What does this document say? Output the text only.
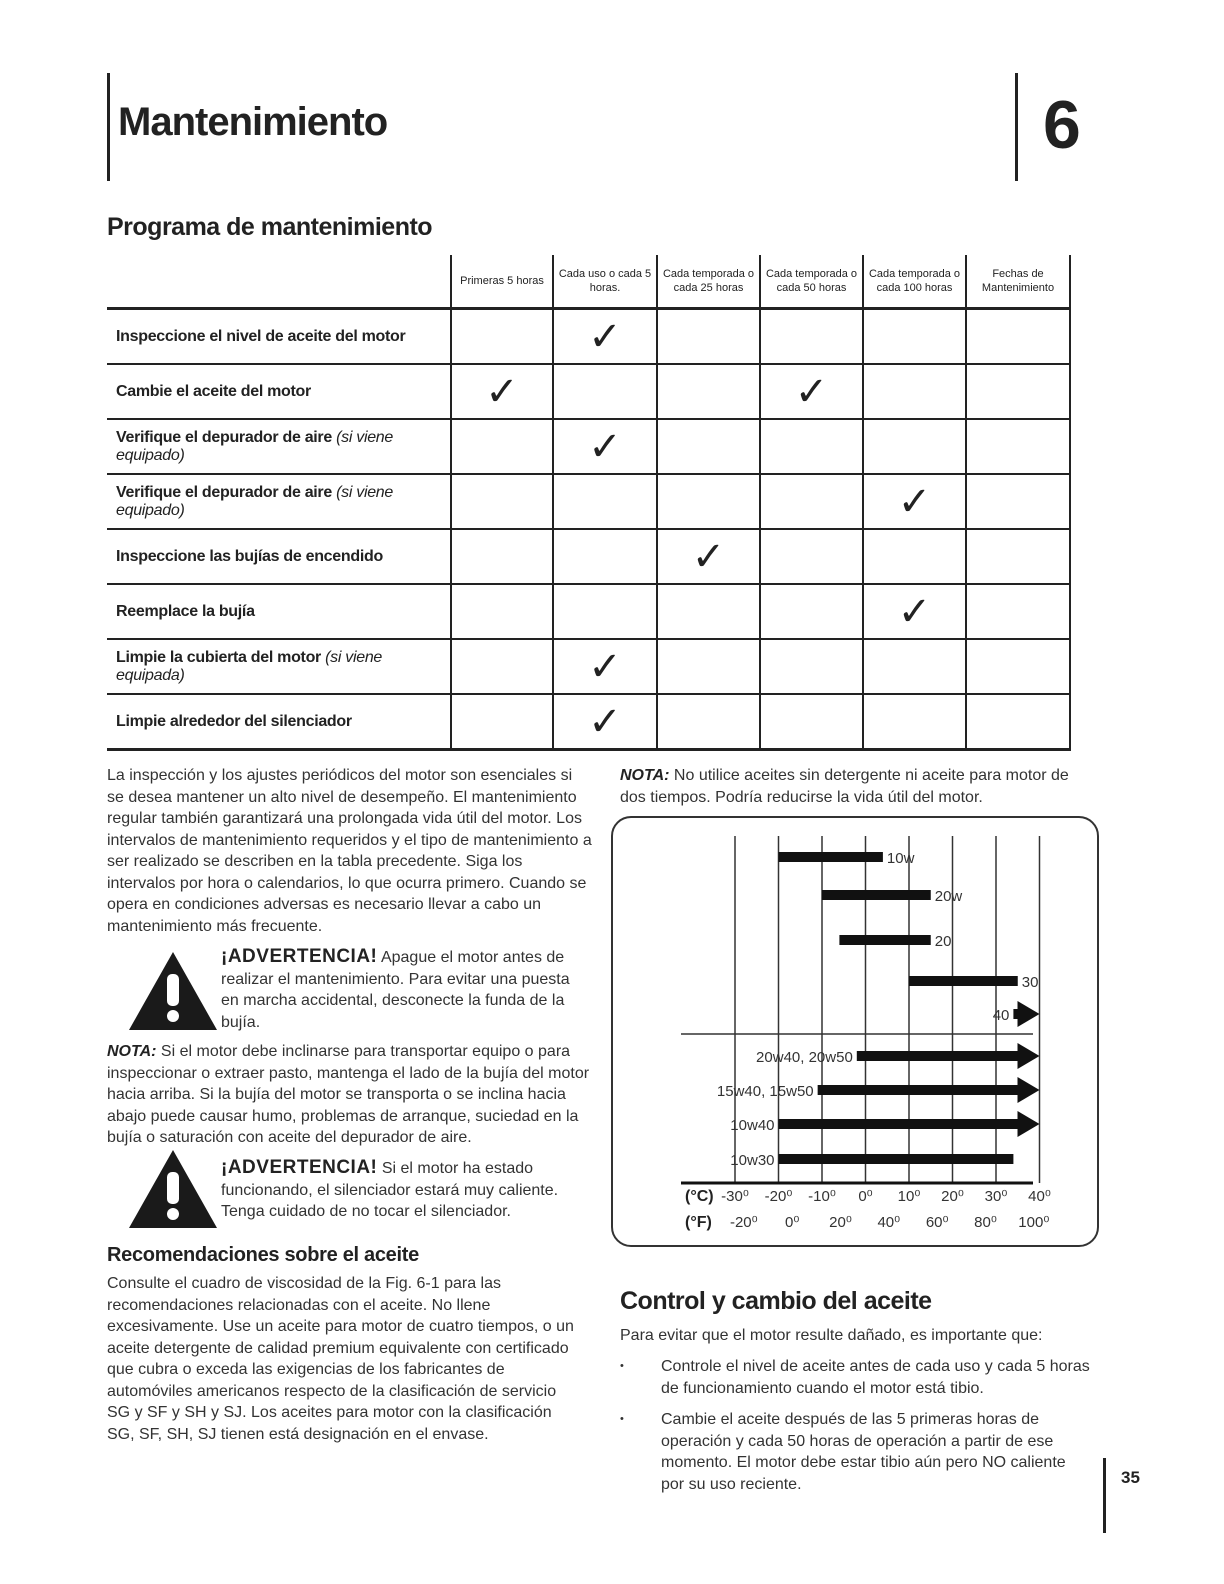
Mantenimiento	6
Programa de mantenimiento
	Primeras 5 horas	Cada uso o cada 5 horas.	Cada temporada o cada 25 horas	Cada temporada o cada 50 horas	Cada temporada o cada 100 horas	Fechas de Mantenimiento
Inspeccione el nivel de aceite del motor		✓				
Cambie el aceite del motor	✓			✓		
Verifique el depurador de aire (si viene equipado)		✓				
Verifique el depurador de aire (si viene equipado)					✓	
Inspeccione las bujías de encendido			✓			
Reemplace la bujía					✓	
Limpie la cubierta del motor (si viene equipada)		✓				
Limpie alrededor del silenciador		✓				
La inspección y los ajustes periódicos del motor son esenciales si se desea mantener un alto nivel de desempeño. El mantenimiento regular también garantizará una prolongada vida útil del motor. Los intervalos de mantenimiento requeridos y el tipo de mantenimiento a ser realizado se describen en la tabla precedente. Siga los intervalos por hora o calendarios, lo que ocurra primero. Cuando se opera en condiciones adversas es necesario llevar a cabo un mantenimiento más frecuente.
¡ADVERTENCIA! Apague el motor antes de realizar el mantenimiento. Para evitar una puesta en marcha accidental, desconecte la funda de la bujía.
NOTA: Si el motor debe inclinarse para transportar equipo o para inspeccionar o extraer pasto, mantenga el lado de la bujía del motor hacia arriba. Si la bujía del motor se transporta o se inclina hacia abajo puede causar humo, problemas de arranque, suciedad en la bujía o saturación con aceite del depurador de aire.
¡ADVERTENCIA! Si el motor ha estado funcionando, el silenciador estará muy caliente. Tenga cuidado de no tocar el silenciador.
Recomendaciones sobre el aceite
Consulte el cuadro de viscosidad de la Fig. 6-1 para las recomendaciones relacionadas con el aceite. No llene excesivamente. Use un aceite para motor de cuatro tiempos, o un aceite detergente de calidad premium equivalente con certificado que cubra o exceda las exigencias de los fabricantes de automóviles americanos respecto de la clasificación de servicio SG y SF y SH y SJ. Los aceites para motor con la clasificación SG, SF, SH, SJ tienen está designación en el envase.
NOTA: No utilice aceites sin detergente ni aceite para motor de dos tiempos. Podría reducirse la vida útil del motor.
10w
20w
20
30
40
20w40, 20w50
15w40, 15w50
10w40
10w30
(°C)
(°F)
-30⁰ -20⁰ -10⁰ 0⁰ 10⁰ 20⁰ 30⁰ 40⁰
-20⁰ 0⁰ 20⁰ 40⁰ 60⁰ 80⁰ 100⁰
Control y cambio del aceite
Para evitar que el motor resulte dañado, es importante que:
• Controle el nivel de aceite antes de cada uso y cada 5 horas de funcionamiento cuando el motor está tibio.
• Cambie el aceite después de las 5 primeras horas de operación y cada 50 horas de operación a partir de ese momento. El motor debe estar tibio aún pero NO caliente por su uso reciente.	35
